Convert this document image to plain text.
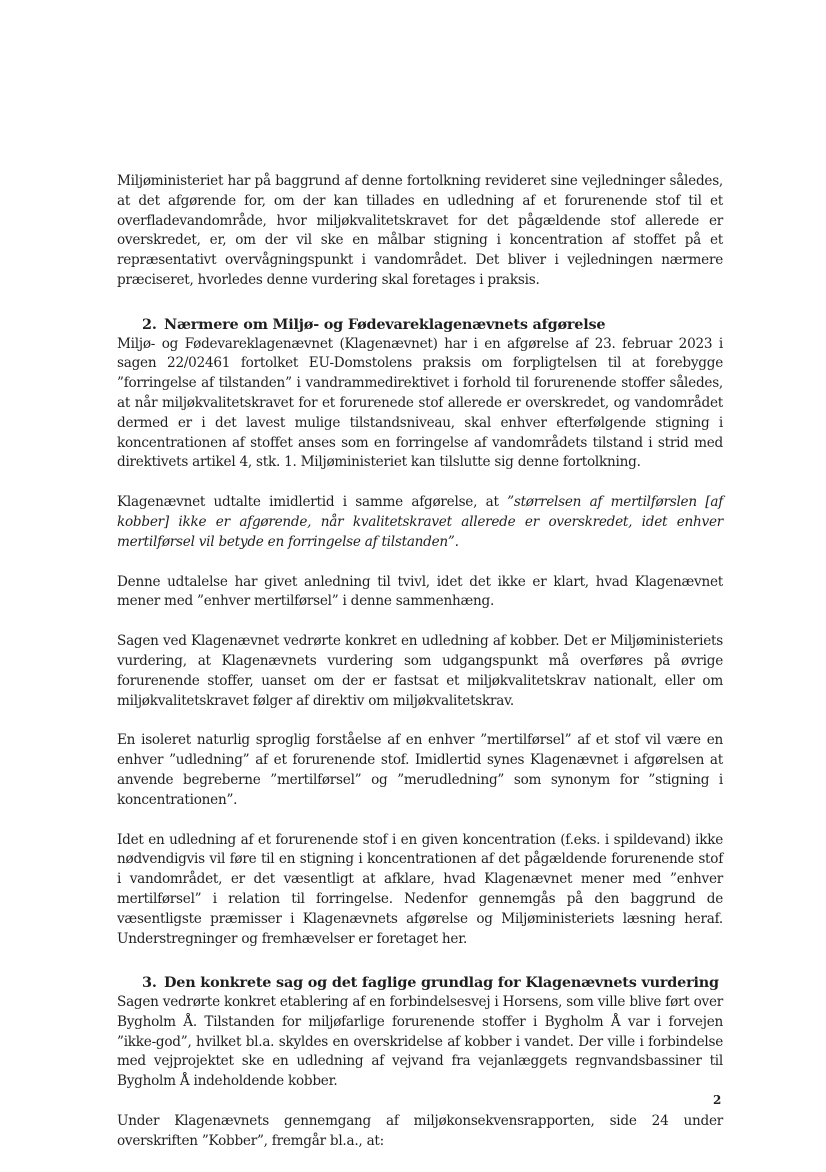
Miljøministeriet har på baggrund af denne fortolkning revideret sine vejledninger således, at det afgørende for, om der kan tillades en udledning af et forurenende stof til et overfladevandområde, hvor miljøkvalitetskravet for det pågældende stof allerede er overskredet, er, om der vil ske en målbar stigning i koncentration af stoffet på et repræsentativt overvågningspunkt i vandområdet. Det bliver i vejledningen nærmere præciseret, hvorledes denne vurdering skal foretages i praksis.

2. Nærmere om Miljø- og Fødevareklagenævnets afgørelse

Miljø- og Fødevareklagenævnet (Klagenævnet) har i en afgørelse af 23. februar 2023 i sagen 22/02461 fortolket EU-Domstolens praksis om forpligtelsen til at forebygge ”forringelse af tilstanden” i vandrammedirektivet i forhold til forurenende stoffer således, at når miljøkvalitetskravet for et forurenede stof allerede er overskredet, og vandområdet dermed er i det lavest mulige tilstandsniveau, skal enhver efterfølgende stigning i koncentrationen af stoffet anses som en forringelse af vandområdets tilstand i strid med direktivets artikel 4, stk. 1. Miljøministeriet kan tilslutte sig denne fortolkning.

Klagenævnet udtalte imidlertid i samme afgørelse, at ”størrelsen af mertilførslen [af kobber] ikke er afgørende, når kvalitetskravet allerede er overskredet, idet enhver mertilførsel vil betyde en forringelse af tilstanden”.

Denne udtalelse har givet anledning til tvivl, idet det ikke er klart, hvad Klagenævnet mener med ”enhver mertilførsel” i denne sammenhæng.

Sagen ved Klagenævnet vedrørte konkret en udledning af kobber. Det er Miljøministeriets vurdering, at Klagenævnets vurdering som udgangspunkt må overføres på øvrige forurenende stoffer, uanset om der er fastsat et miljøkvalitetskrav nationalt, eller om miljøkvalitetskravet følger af direktiv om miljøkvalitetskrav.

En isoleret naturlig sproglig forståelse af en enhver ”mertilførsel” af et stof vil være en enhver ”udledning” af et forurenende stof. Imidlertid synes Klagenævnet i afgørelsen at anvende begreberne ”mertilførsel” og ”merudledning” som synonym for ”stigning i koncentrationen”.

Idet en udledning af et forurenende stof i en given koncentration (f.eks. i spildevand) ikke nødvendigvis vil føre til en stigning i koncentrationen af det pågældende forurenende stof i vandområdet, er det væsentligt at afklare, hvad Klagenævnet mener med ”enhver mertilførsel” i relation til forringelse. Nedenfor gennemgås på den baggrund de væsentligste præmisser i Klagenævnets afgørelse og Miljøministeriets læsning heraf. Understregninger og fremhævelser er foretaget her.

3. Den konkrete sag og det faglige grundlag for Klagenævnets vurdering

Sagen vedrørte konkret etablering af en forbindelsesvej i Horsens, som ville blive ført over Bygholm Å. Tilstanden for miljøfarlige forurenende stoffer i Bygholm Å var i forvejen ”ikke-god”, hvilket bl.a. skyldes en overskridelse af kobber i vandet. Der ville i forbindelse med vejprojektet ske en udledning af vejvand fra vejanlæggets regnvandsbassiner til Bygholm Å indeholdende kobber.

Under Klagenævnets gennemgang af miljøkonsekvensrapporten, side 24 under overskriften ”Kobber”, fremgår bl.a., at:

2
